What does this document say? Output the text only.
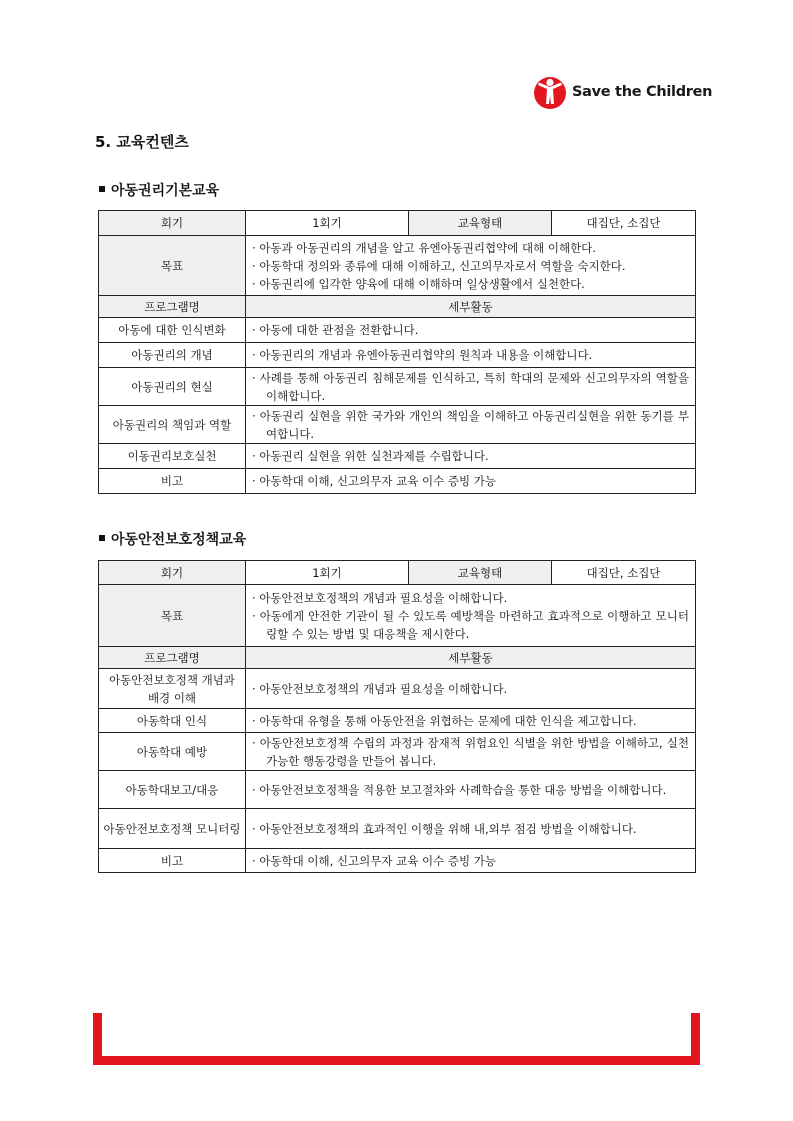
Save the Children
5. 교육컨텐츠
아동권리기본교육
회기	1회기	교육형태	대집단, 소집단
목표	· 아동과 아동권리의 개념을 알고 유엔아동권리협약에 대해 이해한다.
· 아동학대 정의와 종류에 대해 이해하고, 신고의무자로서 역할을 숙지한다.
· 아동권리에 입각한 양육에 대해 이해하며 일상생활에서 실천한다.

프로그램명	세부활동		
아동에 대한 인식변화	· 아동에 대한 관점을 전환합니다.

아동권리의 개념	· 아동권리의 개념과 유엔아동권리협약의 원칙과 내용을 이해합니다.

아동권리의 현실	· 사례를 통해 아동권리 침해문제를 인식하고, 특히 학대의 문제와 신고의무자의 역할을 이해합니다.

아동권리의 책임과 역할	· 아동권리 실현을 위한 국가와 개인의 책임을 이해하고 아동권리실현을 위한 동기를 부여합니다.

이동권리보호실천	· 아동권리 실현을 위한 실천과제를 수립합니다.

비고	· 아동학대 이해, 신고의무자 교육 이수 증빙 가능
아동안전보호정책교육
회기	1회기	교육형태	대집단, 소집단
목표	· 아동안전보호정책의 개념과 필요성을 이해합니다.
· 아동에게 안전한 기관이 될 수 있도록 예방책을 마련하고 효과적으로 이행하고 모니터링할 수 있는 방법 및 대응책을 제시한다.

프로그램명	세부활동		
아동안전보호정책 개념과 배경 이해	· 아동안전보호정책의 개념과 필요성을 이해합니다.

아동학대 인식	· 아동학대 유형을 통해 아동안전을 위협하는 문제에 대한 인식을 제고합니다.

아동학대 예방	· 아동안전보호정책 수립의 과정과 잠재적 위험요인 식별을 위한 방법을 이해하고, 실천 가능한 행동강령을 만들어 봅니다.

아동학대보고/대응	· 아동안전보호정책을 적용한 보고절차와 사례학습을 통한 대응 방법을 이해합니다.

아동안전보호정책 모니터링	· 아동안전보호정책의 효과적인 이행을 위해 내,외부 점검 방법을 이해합니다.

비고	· 아동학대 이해, 신고의무자 교육 이수 증빙 가능
